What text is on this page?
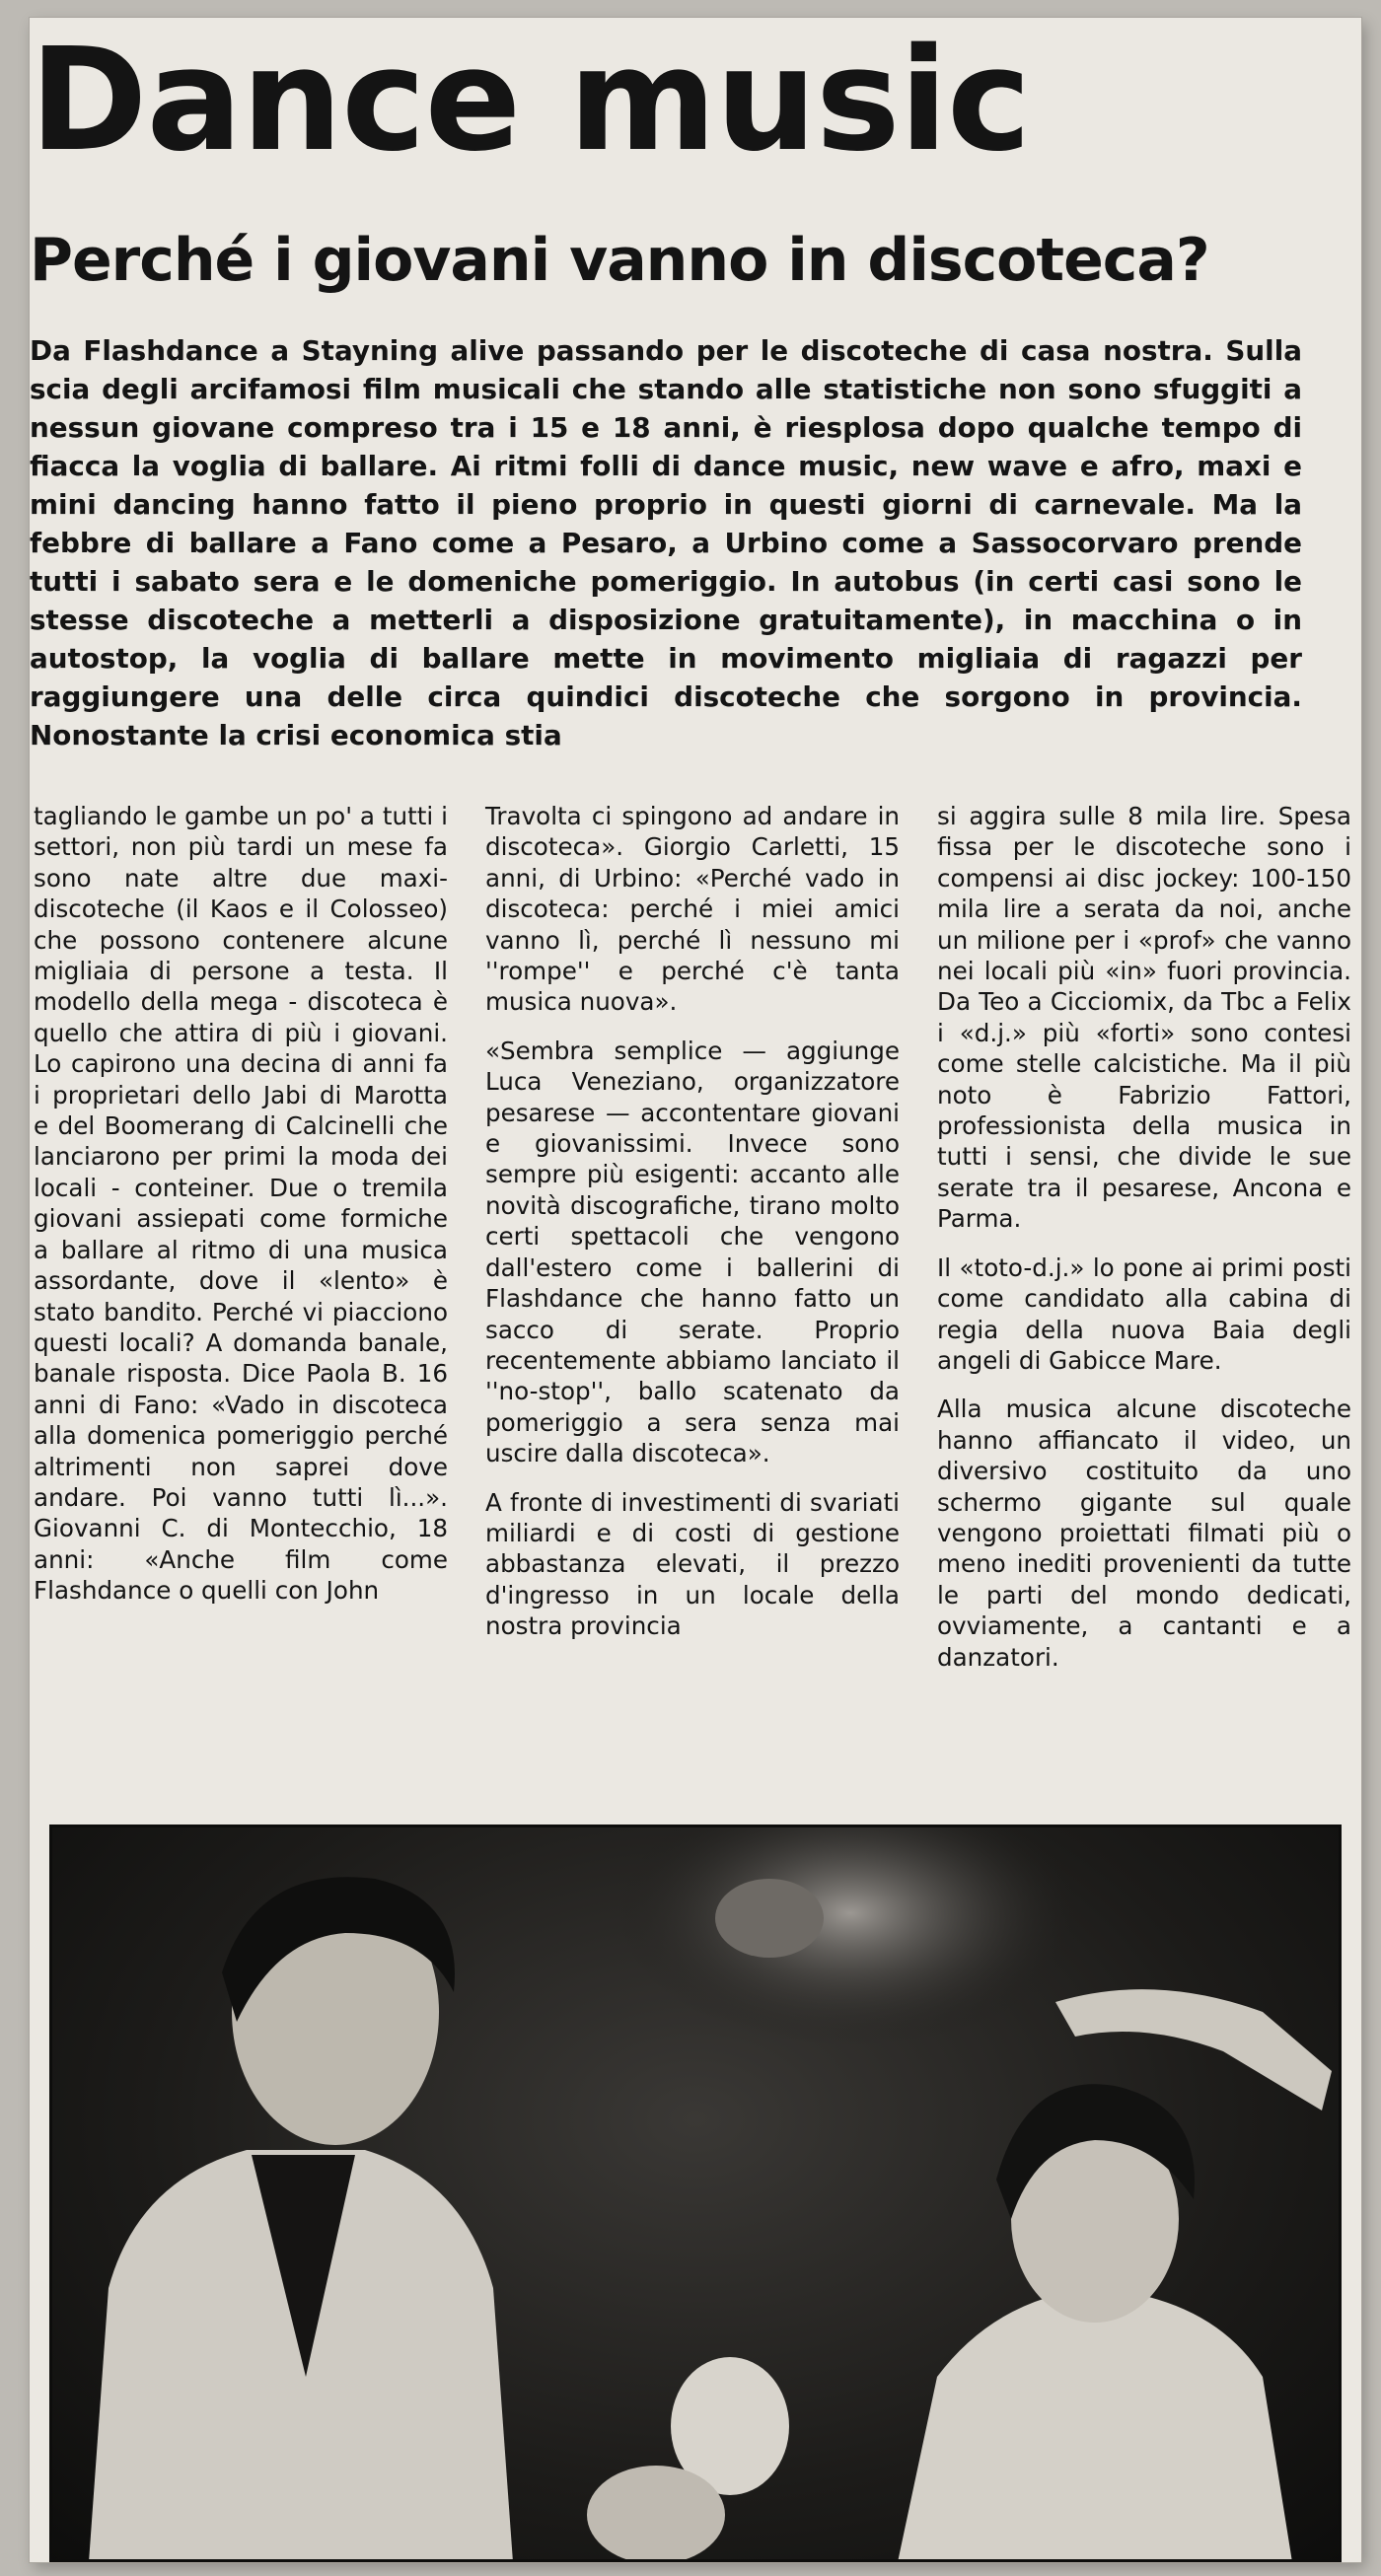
Dance music
Perché i giovani vanno in discoteca?
Da Flashdance a Stayning alive passando per le discoteche di casa nostra. Sulla scia degli arcifamosi film musicali che stando alle statistiche non sono sfuggiti a nessun giovane compreso tra i 15 e 18 anni, è riesplosa dopo qualche tempo di fiacca la voglia di ballare. Ai ritmi folli di dance music, new wave e afro, maxi e mini dancing hanno fatto il pieno proprio in questi giorni di carnevale. Ma la febbre di ballare a Fano come a Pesaro, a Urbino come a Sassocorvaro prende tutti i sabato sera e le domeniche pomeriggio. In autobus (in certi casi sono le stesse discoteche a metterli a disposizione gratuitamente), in macchina o in autostop, la voglia di ballare mette in movimento migliaia di ragazzi per raggiungere una delle circa quindici discoteche che sorgono in provincia. Nonostante la crisi economica stia

tagliando le gambe un po' a tutti i settori, non più tardi un mese fa sono nate altre due maxi-discoteche (il Kaos e il Colosseo) che possono contenere alcune migliaia di persone a testa. Il modello della mega - discoteca è quello che attira di più i giovani. Lo capirono una decina di anni fa i proprietari dello Jabi di Marotta e del Boomerang di Calcinelli che lanciarono per primi la moda dei locali - conteiner. Due o tremila giovani assiepati come formiche a ballare al ritmo di una musica assordante, dove il «lento» è stato bandito. Perché vi piacciono questi locali? A domanda banale, banale risposta. Dice Paola B. 16 anni di Fano: «Vado in discoteca alla domenica pomeriggio perché altrimenti non saprei dove andare. Poi vanno tutti lì...». Giovanni C. di Montecchio, 18 anni: «Anche film come Flashdance o quelli con John

Travolta ci spingono ad andare in discoteca». Giorgio Carletti, 15 anni, di Urbino: «Perché vado in discoteca: perché i miei amici vanno lì, perché lì nessuno mi ''rompe'' e perché c'è tanta musica nuova».

«Sembra semplice — aggiunge Luca Veneziano, organizzatore pesarese — accontentare giovani e giovanissimi. Invece sono sempre più esigenti: accanto alle novità discografiche, tirano molto certi spettacoli che vengono dall'estero come i ballerini di Flashdance che hanno fatto un sacco di serate. Proprio recentemente abbiamo lanciato il ''no-stop'', ballo scatenato da pomeriggio a sera senza mai uscire dalla discoteca».

A fronte di investimenti di svariati miliardi e di costi di gestione abbastanza elevati, il prezzo d'ingresso in un locale della nostra provincia

si aggira sulle 8 mila lire. Spesa fissa per le discoteche sono i compensi ai disc jockey: 100-150 mila lire a serata da noi, anche un milione per i «prof» che vanno nei locali più «in» fuori provincia. Da Teo a Cicciomix, da Tbc a Felix i «d.j.» più «forti» sono contesi come stelle calcistiche. Ma il più noto è Fabrizio Fattori, professionista della musica in tutti i sensi, che divide le sue serate tra il pesarese, Ancona e Parma.

Il «toto-d.j.» lo pone ai primi posti come candidato alla cabina di regia della nuova Baia degli angeli di Gabicce Mare.

Alla musica alcune discoteche hanno affiancato il video, un diversivo costituito da uno schermo gigante sul quale vengono proiettati filmati più o meno inediti provenienti da tutte le parti del mondo dedicati, ovviamente, a cantanti e a danzatori.
